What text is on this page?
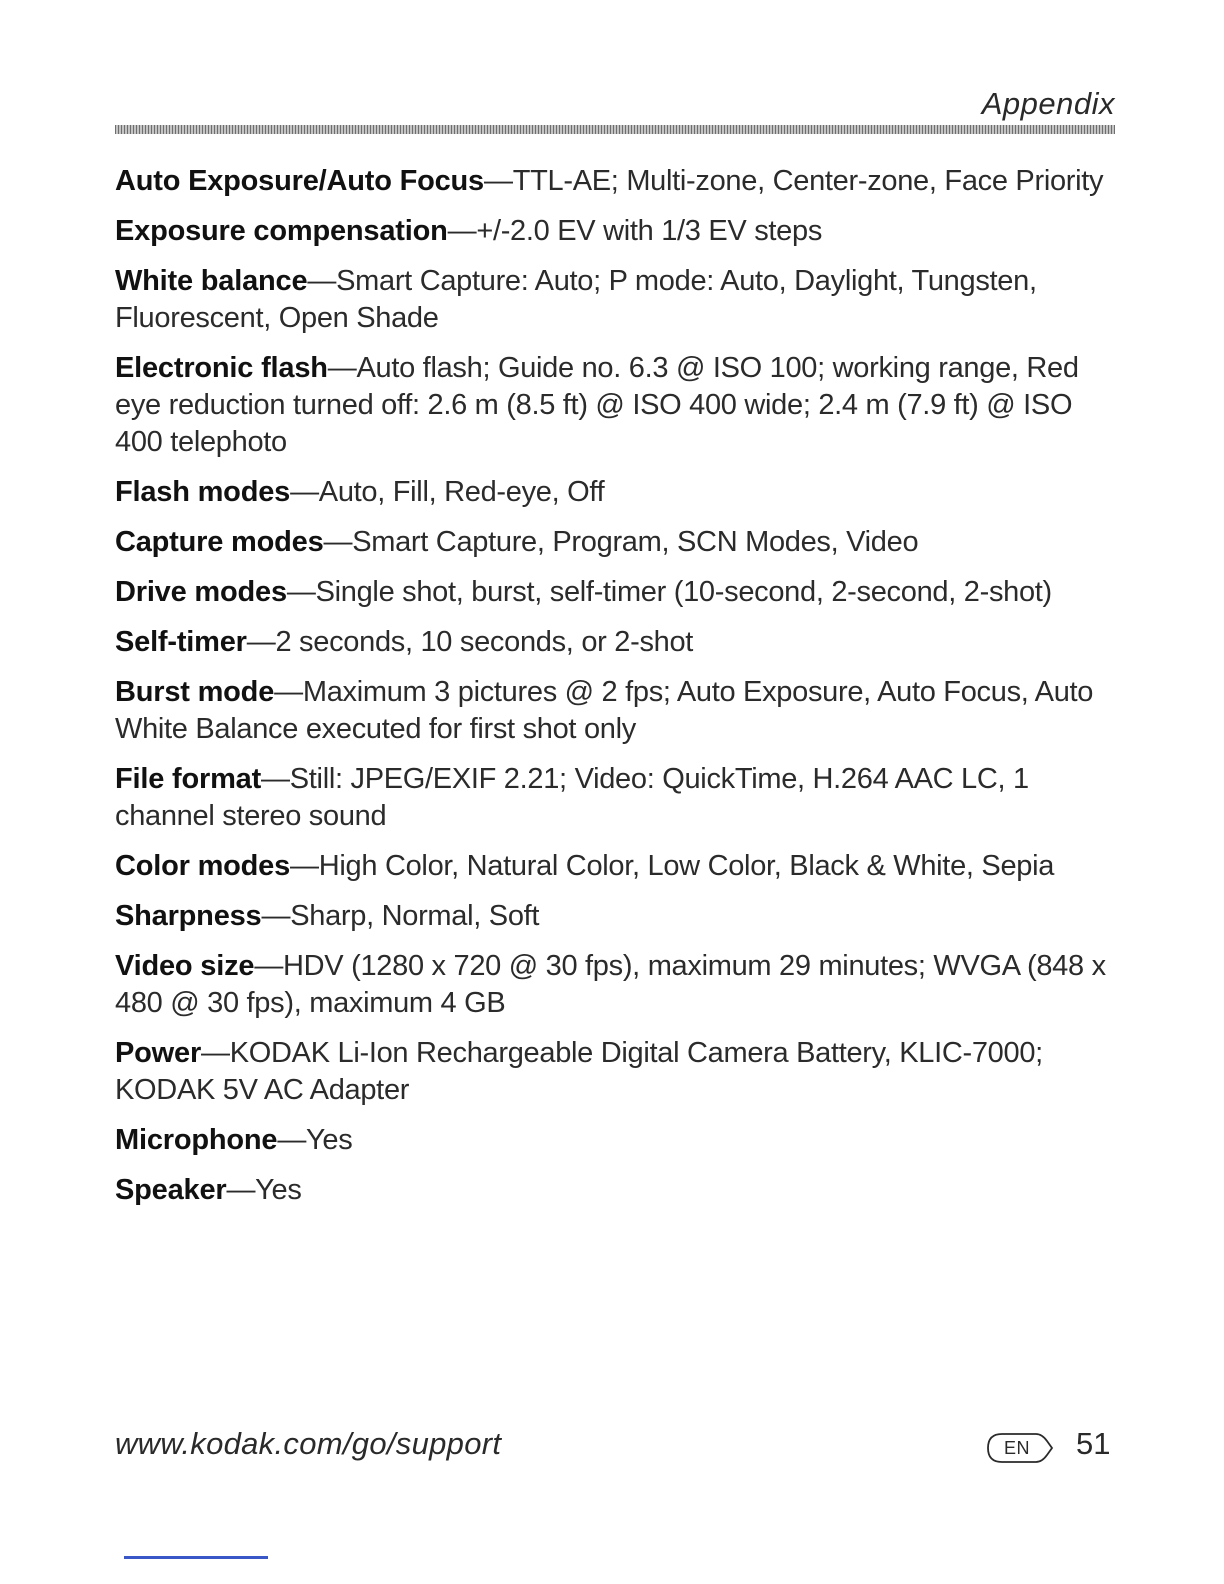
Appendix
Auto Exposure/Auto Focus—TTL-AE; Multi-zone, Center-zone, Face Priority
Exposure compensation—+/-2.0 EV with 1/3 EV steps
White balance—Smart Capture: Auto; P mode: Auto, Daylight, Tungsten, Fluorescent, Open Shade
Electronic flash—Auto flash; Guide no. 6.3 @ ISO 100; working range, Red eye reduction turned off: 2.6 m (8.5 ft) @ ISO 400 wide; 2.4 m (7.9 ft) @ ISO 400 telephoto
Flash modes—Auto, Fill, Red-eye, Off
Capture modes—Smart Capture, Program, SCN Modes, Video
Drive modes—Single shot, burst, self-timer (10-second, 2-second, 2-shot)
Self-timer—2 seconds, 10 seconds, or 2-shot
Burst mode—Maximum 3 pictures @ 2 fps; Auto Exposure, Auto Focus, Auto White Balance executed for first shot only
File format—Still: JPEG/EXIF 2.21; Video: QuickTime, H.264 AAC LC, 1 channel stereo sound
Color modes—High Color, Natural Color, Low Color, Black & White, Sepia
Sharpness—Sharp, Normal, Soft
Video size—HDV (1280 x 720 @ 30 fps), maximum 29 minutes; WVGA (848 x 480 @ 30 fps), maximum 4 GB
Power—KODAK Li-Ion Rechargeable Digital Camera Battery, KLIC-7000; KODAK 5V AC Adapter
Microphone—Yes
Speaker—Yes
www.kodak.com/go/support	EN	51
